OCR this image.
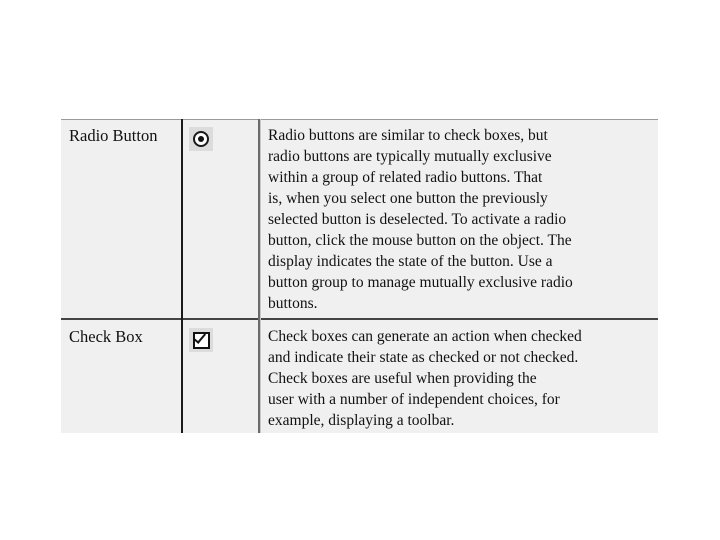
Radio Button	Radio buttons are similar to check boxes, but
radio buttons are typically mutually exclusive
within a group of related radio buttons. That
is, when you select one button the previously
selected button is deselected. To activate a radio
button, click the mouse button on the object. The
display indicates the state of the button. Use a
button group to manage mutually exclusive radio
buttons.
Check Box	Check boxes can generate an action when checked
and indicate their state as checked or not checked.
Check boxes are useful when providing the
user with a number of independent choices, for
example, displaying a toolbar.
